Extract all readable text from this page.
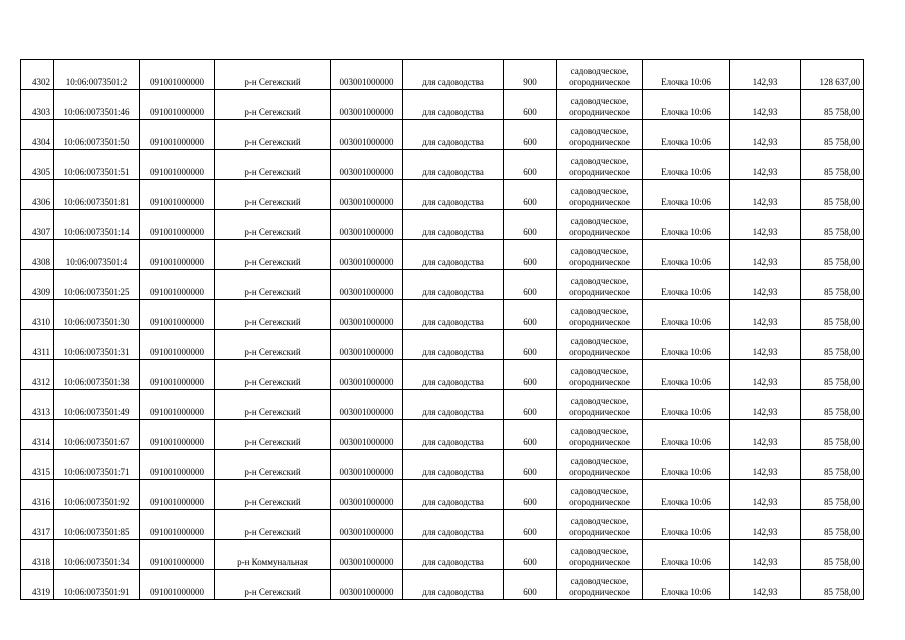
4302	10:06:0073501:2	091001000000	р-н Сегежский	003001000000	для садоводства	900	садоводческое,
огородническое	Елочка 10:06	142,93	128 637,00
4303	10:06:0073501:46	091001000000	р-н Сегежский	003001000000	для садоводства	600	садоводческое,
огородническое	Елочка 10:06	142,93	85 758,00
4304	10:06:0073501:50	091001000000	р-н Сегежский	003001000000	для садоводства	600	садоводческое,
огородническое	Елочка 10:06	142,93	85 758,00
4305	10:06:0073501:51	091001000000	р-н Сегежский	003001000000	для садоводства	600	садоводческое,
огородническое	Елочка 10:06	142,93	85 758,00
4306	10:06:0073501:81	091001000000	р-н Сегежский	003001000000	для садоводства	600	садоводческое,
огородническое	Елочка 10:06	142,93	85 758,00
4307	10:06:0073501:14	091001000000	р-н Сегежский	003001000000	для садоводства	600	садоводческое,
огородническое	Елочка 10:06	142,93	85 758,00
4308	10:06:0073501:4	091001000000	р-н Сегежский	003001000000	для садоводства	600	садоводческое,
огородническое	Елочка 10:06	142,93	85 758,00
4309	10:06:0073501:25	091001000000	р-н Сегежский	003001000000	для садоводства	600	садоводческое,
огородническое	Елочка 10:06	142,93	85 758,00
4310	10:06:0073501:30	091001000000	р-н Сегежский	003001000000	для садоводства	600	садоводческое,
огородническое	Елочка 10:06	142,93	85 758,00
4311	10:06:0073501:31	091001000000	р-н Сегежский	003001000000	для садоводства	600	садоводческое,
огородническое	Елочка 10:06	142,93	85 758,00
4312	10:06:0073501:38	091001000000	р-н Сегежский	003001000000	для садоводства	600	садоводческое,
огородническое	Елочка 10:06	142,93	85 758,00
4313	10:06:0073501:49	091001000000	р-н Сегежский	003001000000	для садоводства	600	садоводческое,
огородническое	Елочка 10:06	142,93	85 758,00
4314	10:06:0073501:67	091001000000	р-н Сегежский	003001000000	для садоводства	600	садоводческое,
огородническое	Елочка 10:06	142,93	85 758,00
4315	10:06:0073501:71	091001000000	р-н Сегежский	003001000000	для садоводства	600	садоводческое,
огородническое	Елочка 10:06	142,93	85 758,00
4316	10:06:0073501:92	091001000000	р-н Сегежский	003001000000	для садоводства	600	садоводческое,
огородническое	Елочка 10:06	142,93	85 758,00
4317	10:06:0073501:85	091001000000	р-н Сегежский	003001000000	для садоводства	600	садоводческое,
огородническое	Елочка 10:06	142,93	85 758,00
4318	10:06:0073501:34	091001000000	р-н Коммунальная	003001000000	для садоводства	600	садоводческое,
огородническое	Елочка 10:06	142,93	85 758,00
4319	10:06:0073501:91	091001000000	р-н Сегежский	003001000000	для садоводства	600	садоводческое,
огородническое	Елочка 10:06	142,93	85 758,00
